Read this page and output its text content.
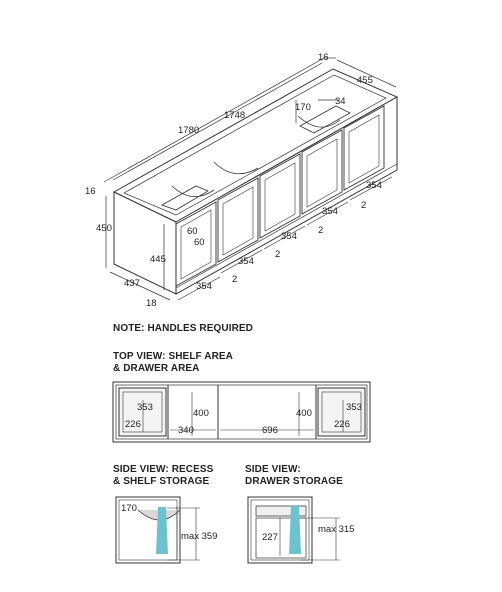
16
455
1748
1780
170
34
16
450	60
60
445
437
18
354
354
354
354
354
2
2
2
2
353
226
400
340	696
400
353
226
170
max 359	227
max 315
NOTE: HANDLES REQUIRED
TOP VIEW: SHELF AREA
& DRAWER AREA
SIDE VIEW: RECESS
& SHELF STORAGE
SIDE VIEW:
DRAWER STORAGE
